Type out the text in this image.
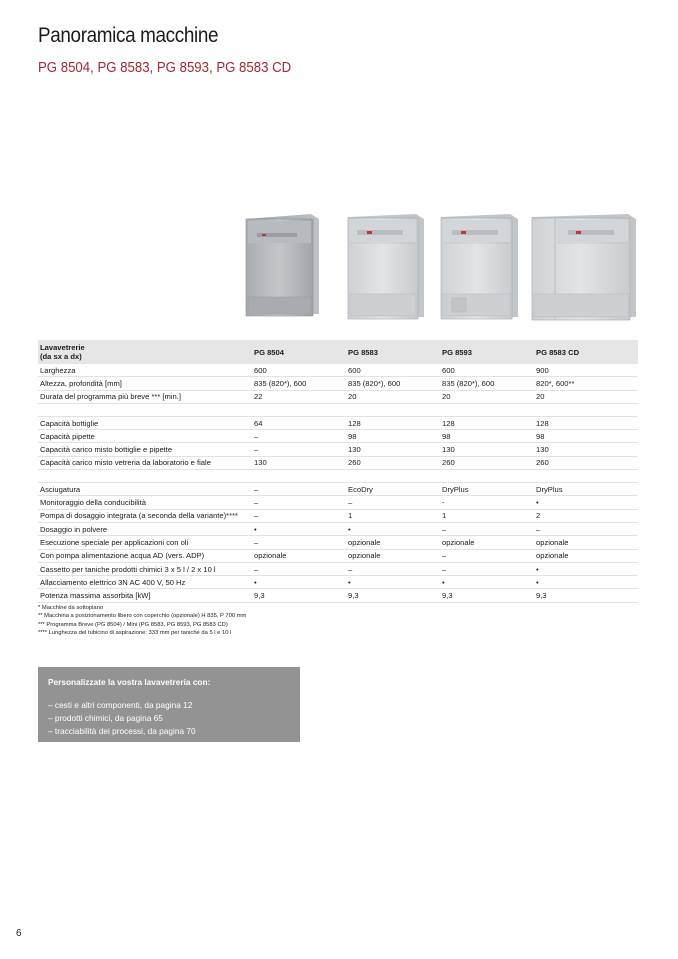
Panoramica macchine
PG 8504, PG 8583, PG 8593, PG 8583 CD
Lavavetrerie
(da sx a dx)	PG 8504	PG 8583	PG 8593	PG 8583 CD
Larghezza	600	600	600	900
Altezza, profondità [mm]	835 (820*), 600	835 (820*), 600	835 (820*), 600	820*, 600**
Durata del programma più breve *** [min.]	22	20	20	20

Capacità bottiglie	64	128	128	128
Capacità pipette	–	98	98	98
Capacità carico misto bottiglie e pipette	–	130	130	130
Capacità carico misto vetreria da laboratorio e fiale	130	260	260	260

Asciugatura	–	EcoDry	DryPlus	DryPlus
Monitoraggio della conducibilità	–	–	-	•
Pompa di dosaggio integrata (a seconda della variante)****	–	1	1	2
Dosaggio in polvere	•	•	–	–
Esecuzione speciale per applicazioni con oli	–	opzionale	opzionale	opzionale
Con pompa alimentazione acqua AD (vers. ADP)	opzionale	opzionale	–	opzionale
Cassetto per taniche prodotti chimici 3 x 5 l / 2 x 10 l	–	–	–	•
Allacciamento elettrico 3N AC 400 V, 50 Hz	•	•	•	•
Potenza massima assorbita [kW]	9,3	9,3	9,3	9,3
* Macchine da sottopiano
** Macchina a posizionamento libero con coperchio (opzionale) H 835, P 700 mm
*** Programma Breve (PG 8504) / Mini (PG 8583, PG 8593, PG 8583 CD)
**** Lunghezza del tubicino di aspirazione: 333 mm per taniche da 5 l e 10 l
Personalizzate la vostra lavavetreria con:
– cesti e altri componenti, da pagina 12
– prodotti chimici, da pagina 65
– tracciabilità dei processi, da pagina 70
6
